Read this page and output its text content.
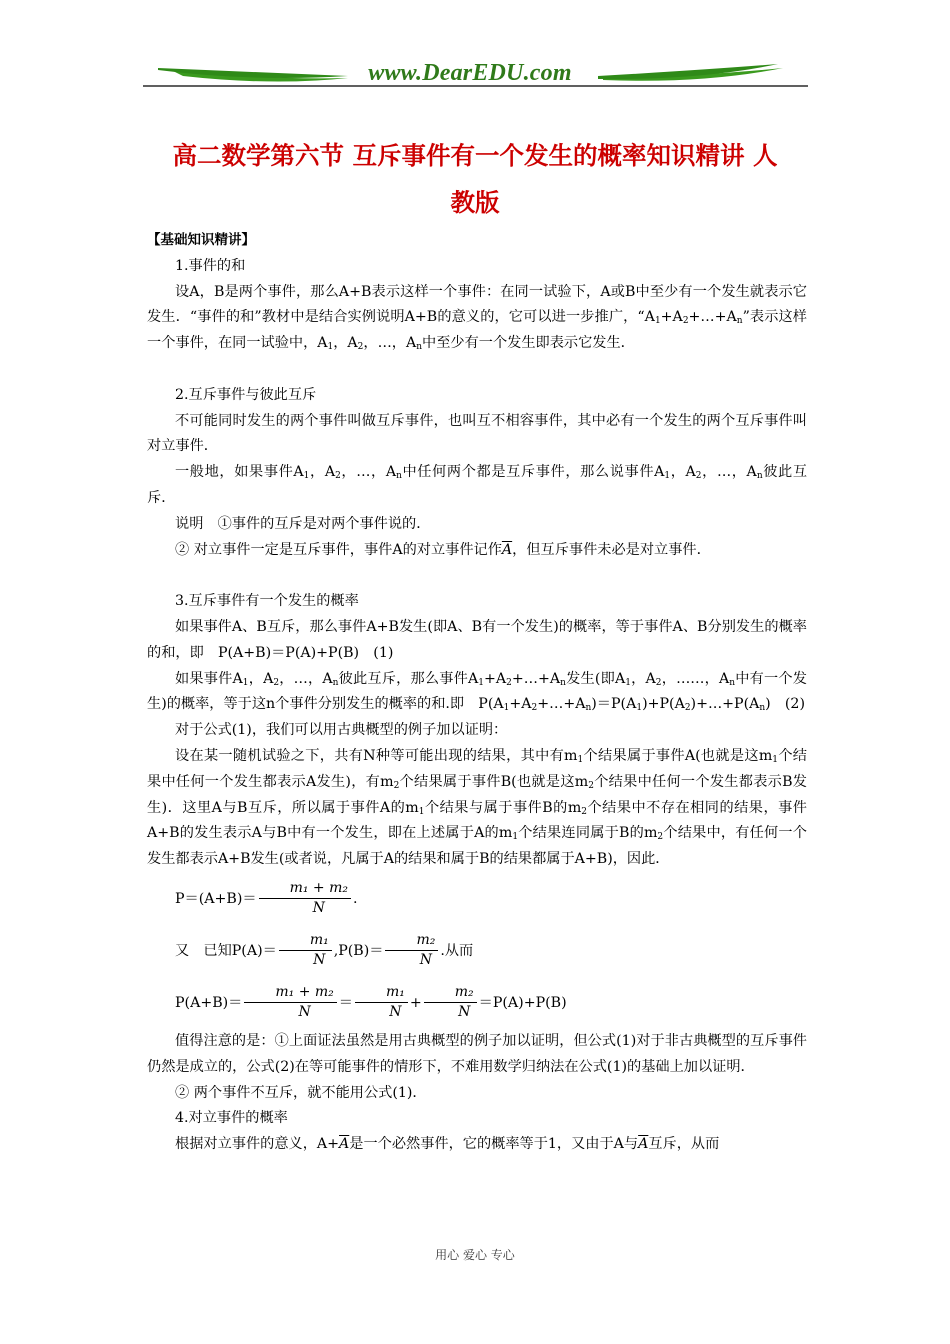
www.DearEDU.com
高二数学第六节 互斥事件有一个发生的概率知识精讲 人
教版

【基础知识精讲】

1.事件的和

设A，B是两个事件，那么A+B表示这样一个事件：在同一试验下，A或B中至少有一个发生就表示它发生．“事件的和”教材中是结合实例说明A+B的意义的，它可以进一步推广，“$A_1+A_2+\dots+A_n$”表示这样一个事件，在同一试验中，$A_1$，$A_2$，…，$A_n$中至少有一个发生即表示它发生．

2.互斥事件与彼此互斥

不可能同时发生的两个事件叫做互斥事件，也叫互不相容事件，其中必有一个发生的两个互斥事件叫对立事件．

一般地，如果事件$A_1$，$A_2$，…，$A_n$中任何两个都是互斥事件，那么说事件$A_1$，$A_2$，…，$A_n$彼此互斥．

说明　①事件的互斥是对两个事件说的．

② 对立事件一定是互斥事件，事件A的对立事件记作$\overline{A}$，但互斥事件未必是对立事件．

3.互斥事件有一个发生的概率

如果事件A、B互斥，那么事件A+B发生(即A、B有一个发生)的概率，等于事件A、B分别发生的概率的和，即　P(A+B)＝P(A)+P(B)　(1)

如果事件$A_1$，$A_2$，…，$A_n$彼此互斥，那么事件$A_1+A_2+\dots+A_n$发生(即$A_1$，$A_2$，……，$A_n$中有一个发生)的概率，等于这n个事件分别发生的概率的和.即　$P(A_1+A_2+\dots+A_n)=P(A_1)+P(A_2)+\dots+P(A_n)$　(2)

对于公式(1)，我们可以用古典概型的例子加以证明：

设在某一随机试验之下，共有N种等可能出现的结果，其中有$m_1$个结果属于事件A(也就是这$m_1$个结果中任何一个发生都表示A发生)，有$m_2$个结果属于事件B(也就是这$m_2$个结果中任何一个发生都表示B发生)．这里A与B互斥，所以属于事件A的$m_1$个结果与属于事件B的$m_2$个结果中不存在相同的结果，事件A+B的发生表示A与B中有一个发生，即在上述属于A的$m_1$个结果连同属于B的$m_2$个结果中，有任何一个发生都表示A+B发生(或者说，凡属于A的结果和属于B的结果都属于A+B)，因此．

$P=(A+B)= \frac{\text{m₁ + m₂}}{N}$ .

又　已知$P(A)= \frac{\text{m₁}}{N} ,P(B)= \frac{\text{m₂}}{N}$ .从而

$P(A+B)= \frac{\text{m₁ + m₂}}{N} = \frac{\text{m₁}}{N} + \frac{\text{m₂}}{N} =P(A)+P(B)$

值得注意的是：①上面证法虽然是用古典概型的例子加以证明，但公式(1)对于非古典概型的互斥事件仍然是成立的，公式(2)在等可能事件的情形下，不难用数学归纳法在公式(1)的基础上加以证明．

② 两个事件不互斥，就不能用公式(1)．

4.对立事件的概率

根据对立事件的意义，$A+\overline{A}$是一个必然事件，它的概率等于1，又由于A与$\overline{A}$互斥，从而

用心 爱心 专心
